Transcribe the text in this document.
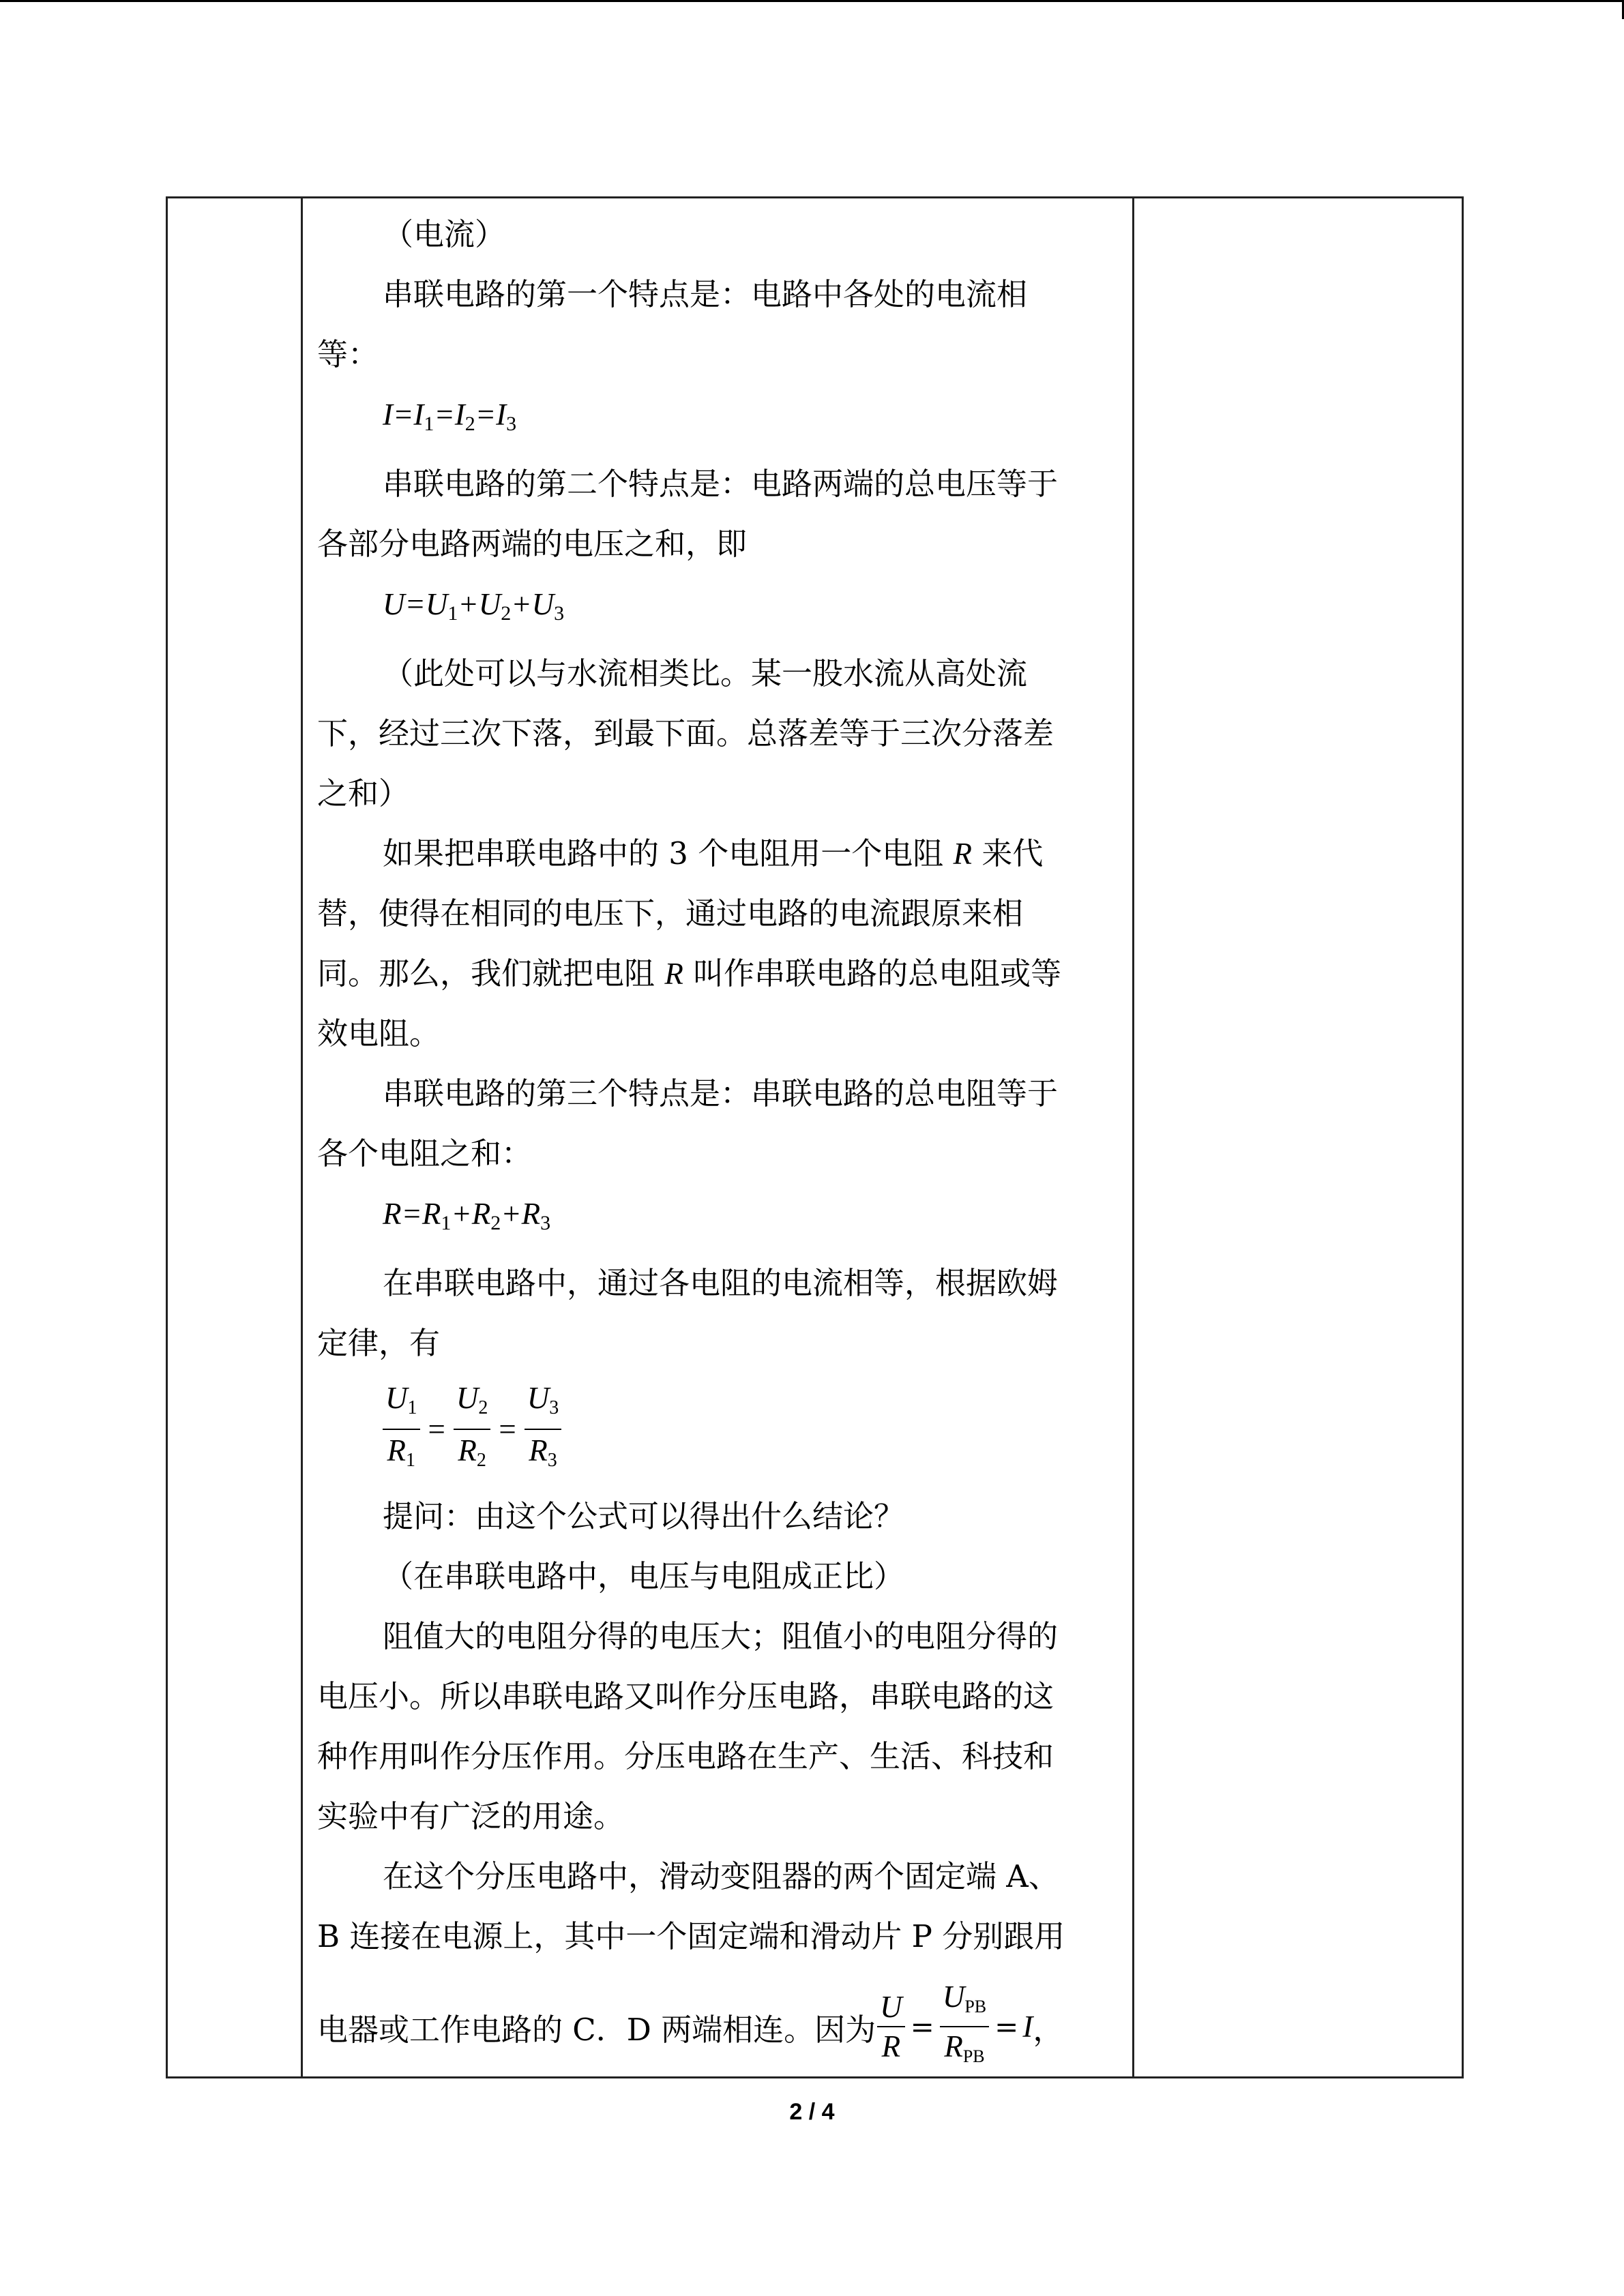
（电流）

串联电路的第一个特点是：电路中各处的电流相

等：

$I=I_1=I_2=I_3$

串联电路的第二个特点是：电路两端的总电压等于

各部分电路两端的电压之和，即

$U=U_1+U_2+U_3$

（此处可以与水流相类比。某一股水流从高处流

下，经过三次下落，到最下面。总落差等于三次分落差

之和）

如果把串联电路中的 3 个电阻用一个电阻 R 来代

替，使得在相同的电压下，通过电路的电流跟原来相

同。那么，我们就把电阻 R 叫作串联电路的总电阻或等

效电阻。

串联电路的第三个特点是：串联电路的总电阻等于

各个电阻之和：

$R=R_1+R_2+R_3$

在串联电路中，通过各电阻的电流相等，根据欧姆

定律，有

$\frac{U_1}{R_1} = \frac{U_2}{R_2} = \frac{U_3}{R_3}$

提问：由这个公式可以得出什么结论？

（在串联电路中，电压与电阻成正比）

阻值大的电阻分得的电压大；阻值小的电阻分得的

电压小。所以串联电路又叫作分压电路，串联电路的这

种作用叫作分压作用。分压电路在生产、生活、科技和

实验中有广泛的用途。

在这个分压电路中，滑动变阻器的两个固定端 A、

B 连接在电源上，其中一个固定端和滑动片 P 分别跟用

电器或工作电路的 C．D 两端相连。因为 $\frac{U}{R} = \frac{U_{PB}}{R_{PB}} = I$ ，
2 / 4
